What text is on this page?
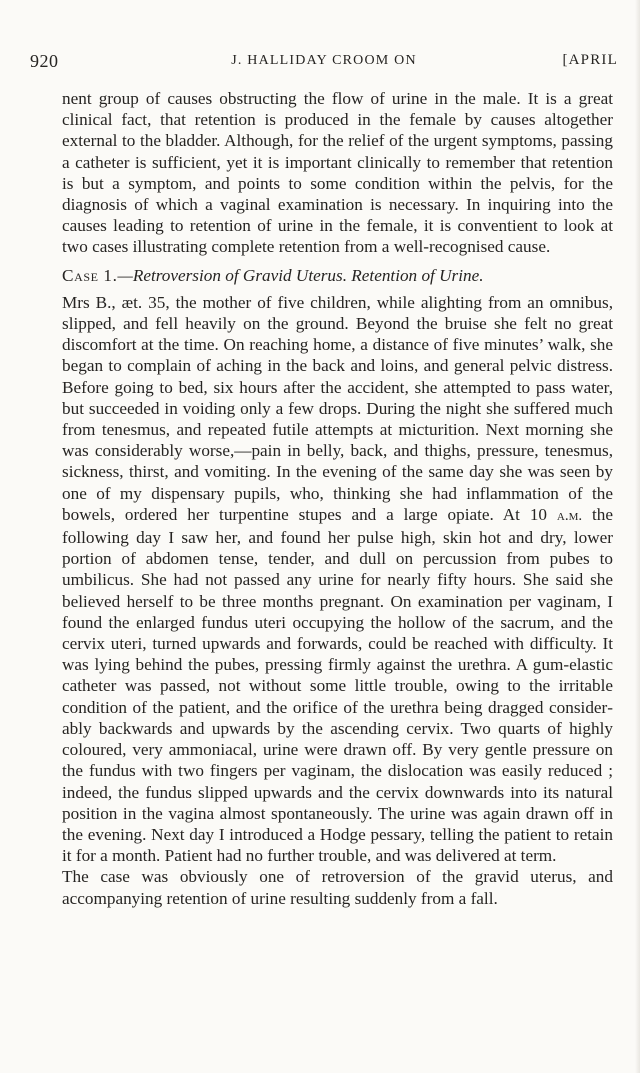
920	J. HALLIDAY CROOM ON	[APRIL

nent group of causes obstructing the flow of urine in the male. It is a great clinical fact, that retention is produced in the female by causes altogether external to the bladder. Although, for the relief of the urgent symptoms, passing a catheter is sufficient, yet it is important clinically to remember that retention is but a symptom, and points to some condition within the pelvis, for the diagnosis of which a vaginal examination is necessary. In inquiring into the causes leading to retention of urine in the female, it is conventient to look at two cases illustrating complete retention from a well-recognised cause.

Case 1.—Retroversion of Gravid Uterus. Retention of Urine.

Mrs B., æt. 35, the mother of five children, while alighting from an omnibus, slipped, and fell heavily on the ground. Beyond the bruise she felt no great discomfort at the time. On reaching home, a distance of five minutes’ walk, she began to complain of aching in the back and loins, and general pelvic distress. Before going to bed, six hours after the accident, she attempted to pass water, but succeeded in voiding only a few drops. During the night she suffered much from tenesmus, and repeated futile attempts at micturition. Next morning she was considerably worse,—pain in belly, back, and thighs, pressure, tenesmus, sickness, thirst, and vomiting. In the evening of the same day she was seen by one of my dispensary pupils, who, thinking she had inflammation of the bowels, ordered her turpentine stupes and a large opiate. At 10 a.m. the following day I saw her, and found her pulse high, skin hot and dry, lower portion of abdomen tense, tender, and dull on percussion from pubes to umbilicus. She had not passed any urine for nearly fifty hours. She said she believed herself to be three months pregnant. On examination per vaginam, I found the enlarged fundus uteri occupying the hollow of the sacrum, and the cervix uteri, turned upwards and forwards, could be reached with difficulty. It was lying behind the pubes, pressing firmly against the urethra. A gum-elastic catheter was passed, not without some little trouble, owing to the irritable condition of the patient, and the orifice of the urethra being dragged considerably backwards and upwards by the ascending cervix. Two quarts of highly coloured, very ammoniacal, urine were drawn off. By very gentle pressure on the fundus with two fingers per vaginam, the dislocation was easily reduced ; indeed, the fundus slipped upwards and the cervix downwards into its natural position in the vagina almost spontaneously. The urine was again drawn off in the evening. Next day I introduced a Hodge pessary, telling the patient to retain it for a month. Patient had no further trouble, and was delivered at term.

The case was obviously one of retroversion of the gravid uterus, and accompanying retention of urine resulting suddenly from a fall.
